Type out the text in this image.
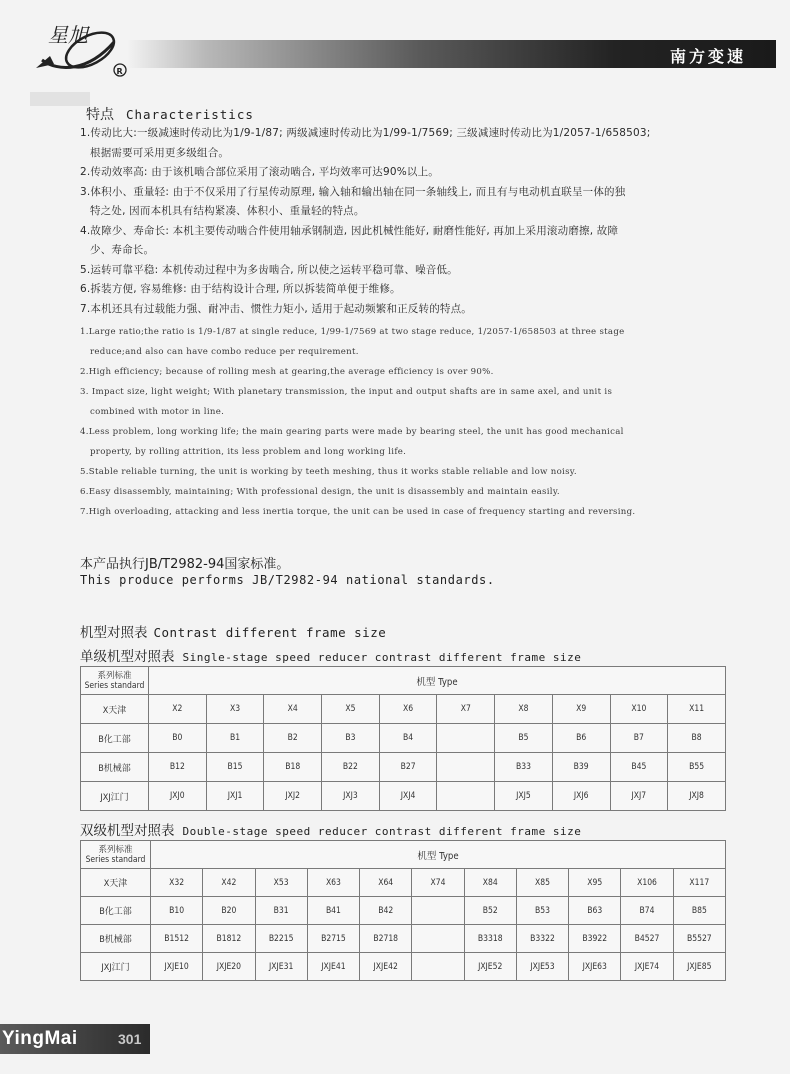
星旭
R
南方变速
特点 Characteristics
1.传动比大:一级减速时传动比为1/9-1/87; 两级减速时传动比为1/99-1/7569; 三级减速时传动比为1/2057-1/658503;
根据需要可采用更多级组合。
2.传动效率高: 由于该机啮合部位采用了滚动啮合, 平均效率可达90%以上。
3.体积小、重量轻: 由于不仅采用了行星传动原理, 输入轴和输出轴在同一条轴线上, 而且有与电动机直联呈一体的独
特之处, 因而本机具有结构紧凑、体积小、重量轻的特点。
4.故障少、寿命长: 本机主要传动啮合件使用轴承钢制造, 因此机械性能好, 耐磨性能好, 再加上采用滚动磨擦, 故障
少、寿命长。
5.运转可靠平稳: 本机传动过程中为多齿啮合, 所以使之运转平稳可靠、噪音低。
6.拆装方便, 容易维修: 由于结构设计合理, 所以拆装简单便于维修。
7.本机还具有过载能力强、耐冲击、惯性力矩小, 适用于起动频繁和正反转的特点。
1.Large ratio;the ratio is 1/9-1/87 at single reduce, 1/99-1/7569 at two stage reduce, 1/2057-1/658503 at three stage
reduce;and also can have combo reduce per requirement.
2.High efficiency; because of rolling mesh at gearing,the average efficiency is over 90%.
3. Impact size, light weight; With planetary transmission, the input and output shafts are in same axel, and unit is
combined with motor in line.
4.Less problem, long working life; the main gearing parts were made by bearing steel, the unit has good mechanical
property, by rolling attrition, its less problem and long working life.
5.Stable reliable turning, the unit is working by teeth meshing, thus it works stable reliable and low noisy.
6.Easy disassembly, maintaining; With professional design, the unit is disassembly and maintain easily.
7.High overloading, attacking and less inertia torque, the unit can be used in case of frequency starting and reversing.
本产品执行JB/T2982-94国家标准。
This produce performs JB/T2982-94 national standards.
机型对照表 Contrast different frame size
单级机型对照表 Single-stage speed reducer contrast different frame size
系列标准
Series standard	机型 Type									
X天津	X2	X3	X4	X5	X6	X7	X8	X9	X10	X11
B化工部	B0	B1	B2	B3	B4		B5	B6	B7	B8
B机械部	B12	B15	B18	B22	B27		B33	B39	B45	B55
JXJ江门	JXJ0	JXJ1	JXJ2	JXJ3	JXJ4		JXJ5	JXJ6	JXJ7	JXJ8
双级机型对照表 Double-stage speed reducer contrast different frame size
系列标准
Series standard	机型 Type										
X天津	X32	X42	X53	X63	X64	X74	X84	X85	X95	X106	X117
B化工部	B10	B20	B31	B41	B42		B52	B53	B63	B74	B85
B机械部	B1512	B1812	B2215	B2715	B2718		B3318	B3322	B3922	B4527	B5527
JXJ江门	JXJE10	JXJE20	JXJE31	JXJE41	JXJE42		JXJE52	JXJE53	JXJE63	JXJE74	JXJE85
YingMai	301
